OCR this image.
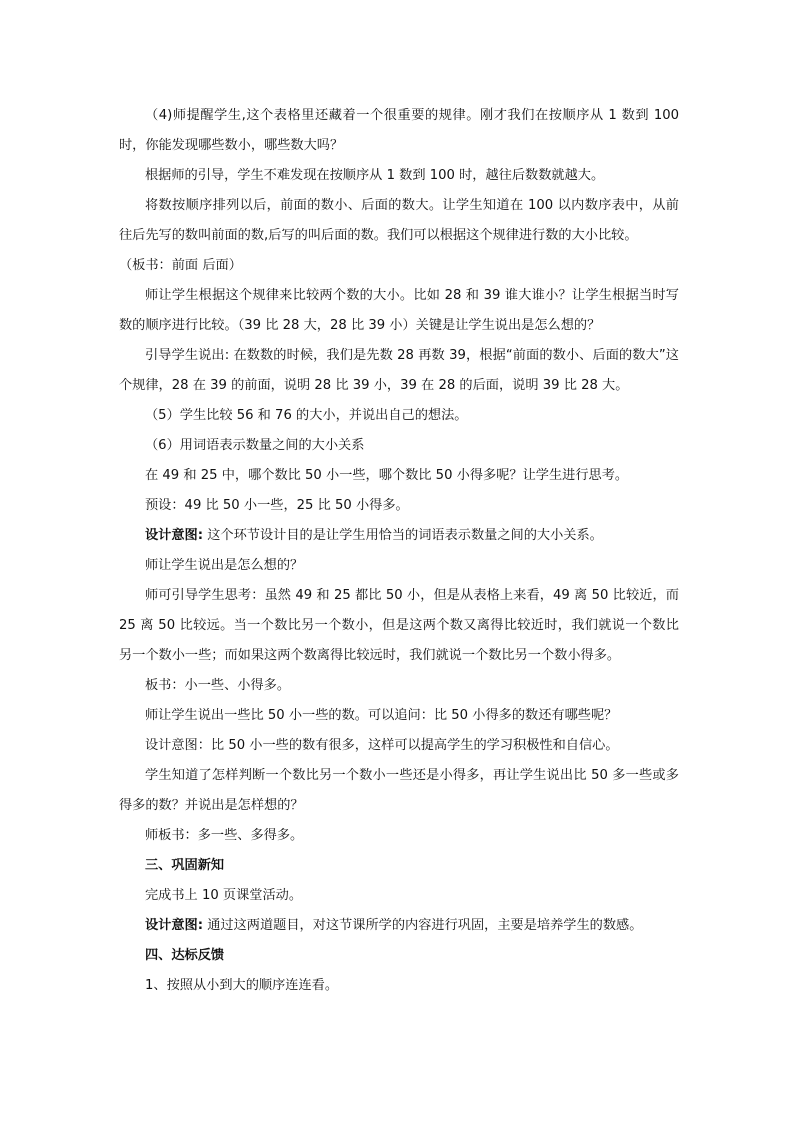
（4)师提醒学生,这个表格里还藏着一个很重要的规律。刚才我们在按顺序从 1 数到 100 时，你能发现哪些数小，哪些数大吗？

根据师的引导，学生不难发现在按顺序从 1 数到 100 时，越往后数数就越大。

将数按顺序排列以后，前面的数小、后面的数大。让学生知道在 100 以内数序表中，从前往后先写的数叫前面的数,后写的叫后面的数。我们可以根据这个规律进行数的大小比较。

（板书：前面 后面）

师让学生根据这个规律来比较两个数的大小。比如 28 和 39 谁大谁小？让学生根据当时写数的顺序进行比较。（39 比 28 大，28 比 39 小）关键是让学生说出是怎么想的？

引导学生说出: 在数数的时候，我们是先数 28 再数 39，根据“前面的数小、后面的数大”这个规律，28 在 39 的前面，说明 28 比 39 小，39 在 28 的后面，说明 39 比 28 大。

（5）学生比较 56 和 76 的大小，并说出自己的想法。

（6）用词语表示数量之间的大小关系

在 49 和 25 中，哪个数比 50 小一些，哪个数比 50 小得多呢？让学生进行思考。

预设：49 比 50 小一些，25 比 50 小得多。

设计意图: 这个环节设计目的是让学生用恰当的词语表示数量之间的大小关系。

师让学生说出是怎么想的？

师可引导学生思考：虽然 49 和 25 都比 50 小，但是从表格上来看，49 离 50 比较近，而 25 离 50 比较远。当一个数比另一个数小，但是这两个数又离得比较近时，我们就说一个数比另一个数小一些；而如果这两个数离得比较远时，我们就说一个数比另一个数小得多。

板书：小一些、小得多。

师让学生说出一些比 50 小一些的数。可以追问：比 50 小得多的数还有哪些呢？

设计意图：比 50 小一些的数有很多，这样可以提高学生的学习积极性和自信心。

学生知道了怎样判断一个数比另一个数小一些还是小得多，再让学生说出比 50 多一些或多得多的数？并说出是怎样想的？

师板书：多一些、多得多。

三、巩固新知

完成书上 10 页课堂活动。

设计意图: 通过这两道题目，对这节课所学的内容进行巩固，主要是培养学生的数感。

四、达标反馈

1、按照从小到大的顺序连连看。
